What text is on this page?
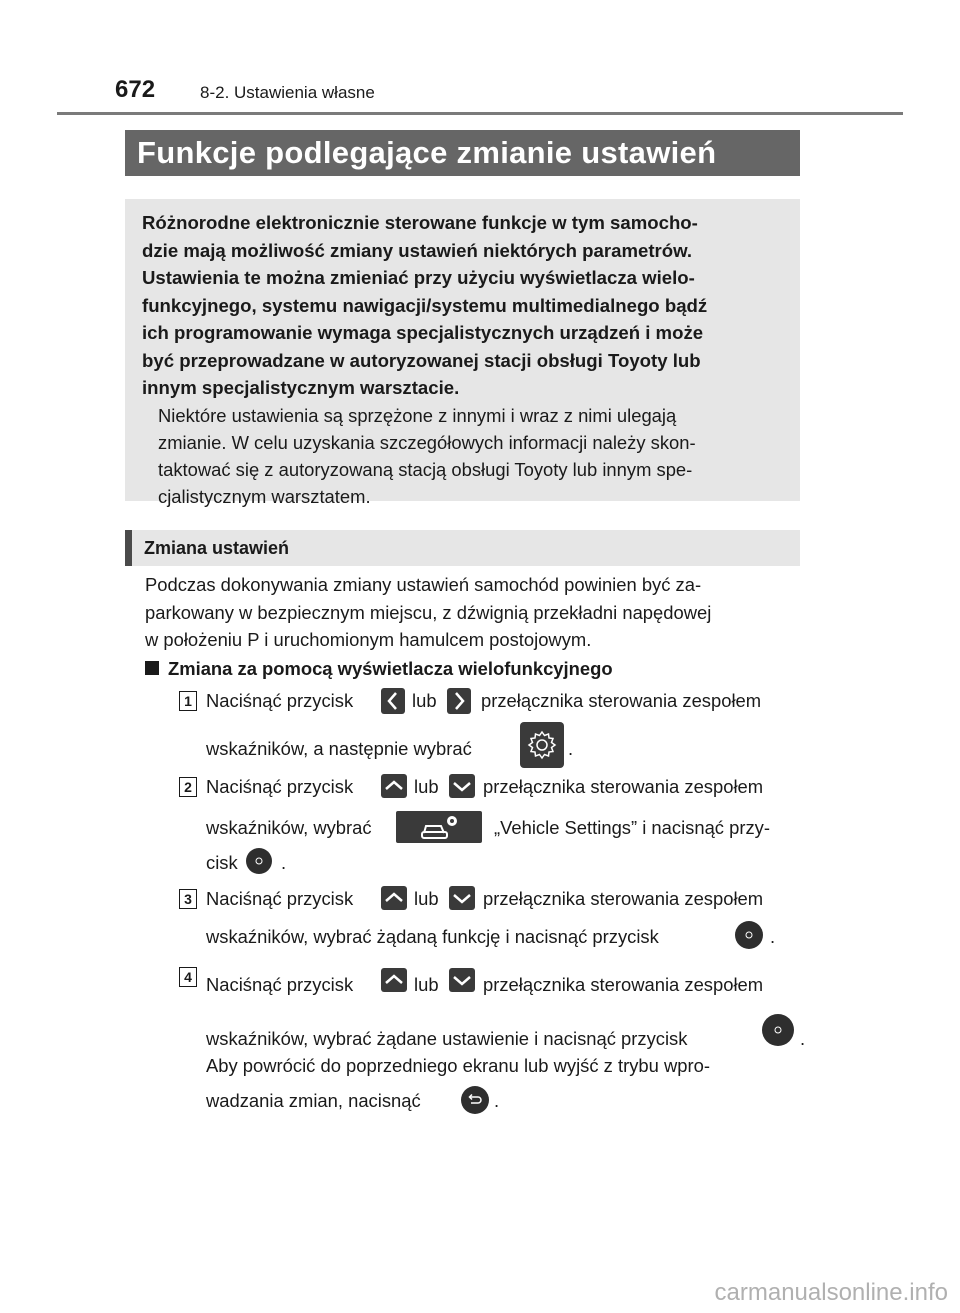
672	8-2. Ustawienia własne
Funkcje podlegające zmianie ustawień
Różnorodne elektronicznie sterowane funkcje w tym samocho-
dzie mają możliwość zmiany ustawień niektórych parametrów.
Ustawienia te można zmieniać przy użyciu wyświetlacza wielo-
funkcyjnego, systemu nawigacji/systemu multimedialnego bądź
ich programowanie wymaga specjalistycznych urządzeń i może
być przeprowadzane w autoryzowanej stacji obsługi Toyoty lub
innym specjalistycznym warsztacie.
Niektóre ustawienia są sprzężone z innymi i wraz z nimi ulegają
zmianie. W celu uzyskania szczegółowych informacji należy skon-
taktować się z autoryzowaną stacją obsługi Toyoty lub innym spe-
cjalistycznym warsztatem.
Zmiana ustawień
Podczas dokonywania zmiany ustawień samochód powinien być za-
parkowany w bezpiecznym miejscu, z dźwignią przekładni napędowej
w położeniu P i uruchomionym hamulcem postojowym.
Zmiana za pomocą wyświetlacza wielofunkcyjnego
1 Naciśnąć przycisk	lub przełącznika sterowania zespołem
wskaźników, a następnie wybrać	.
2 Naciśnąć przycisk	lub przełącznika sterowania zespołem
wskaźników, wybrać	„Vehicle Settings” i nacisnąć przy-
cisk .
3 Naciśnąć przycisk	lub przełącznika sterowania zespołem
wskaźników, wybrać żądaną funkcję i nacisnąć przycisk	.
4 Naciśnąć przycisk	lub przełącznika sterowania zespołem
wskaźników, wybrać żądane ustawienie i nacisnąć przycisk	.
Aby powrócić do poprzedniego ekranu lub wyjść z trybu wpro-
wadzania zmian, nacisnąć	.
carmanualsonline.info
